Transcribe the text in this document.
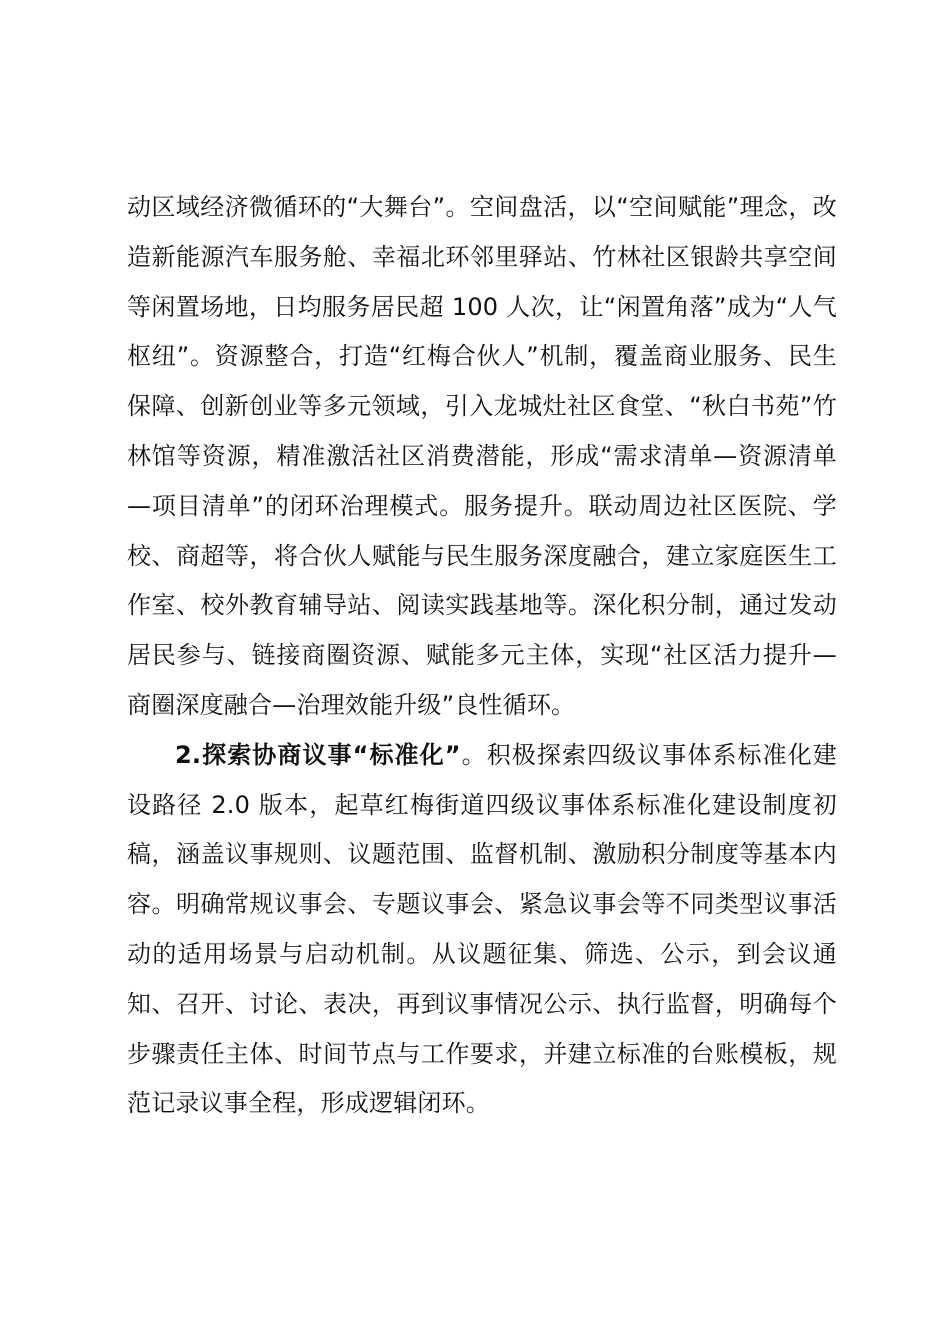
动区域经济微循环的“大舞台”。空间盘活，以“空间赋能”理念，改造新能源汽车服务舱、幸福北环邻里驿站、竹林社区银龄共享空间等闲置场地，日均服务居民超 100 人次，让“闲置角落”成为“人气枢纽”。资源整合，打造“红梅合伙人”机制，覆盖商业服务、民生保障、创新创业等多元领域，引入龙城灶社区食堂、“秋白书苑”竹林馆等资源，精准激活社区消费潜能，形成“需求清单—资源清单—项目清单”的闭环治理模式。服务提升。联动周边社区医院、学校、商超等，将合伙人赋能与民生服务深度融合，建立家庭医生工作室、校外教育辅导站、阅读实践基地等。深化积分制，通过发动居民参与、链接商圈资源、赋能多元主体，实现“社区活力提升—商圈深度融合—治理效能升级”良性循环。

2.探索协商议事“标准化”。积极探索四级议事体系标准化建设路径 2.0 版本，起草红梅街道四级议事体系标准化建设制度初稿，涵盖议事规则、议题范围、监督机制、激励积分制度等基本内容。明确常规议事会、专题议事会、紧急议事会等不同类型议事活动的适用场景与启动机制。从议题征集、筛选、公示，到会议通知、召开、讨论、表决，再到议事情况公示、执行监督，明确每个步骤责任主体、时间节点与工作要求，并建立标准的台账模板，规范记录议事全程，形成逻辑闭环。
